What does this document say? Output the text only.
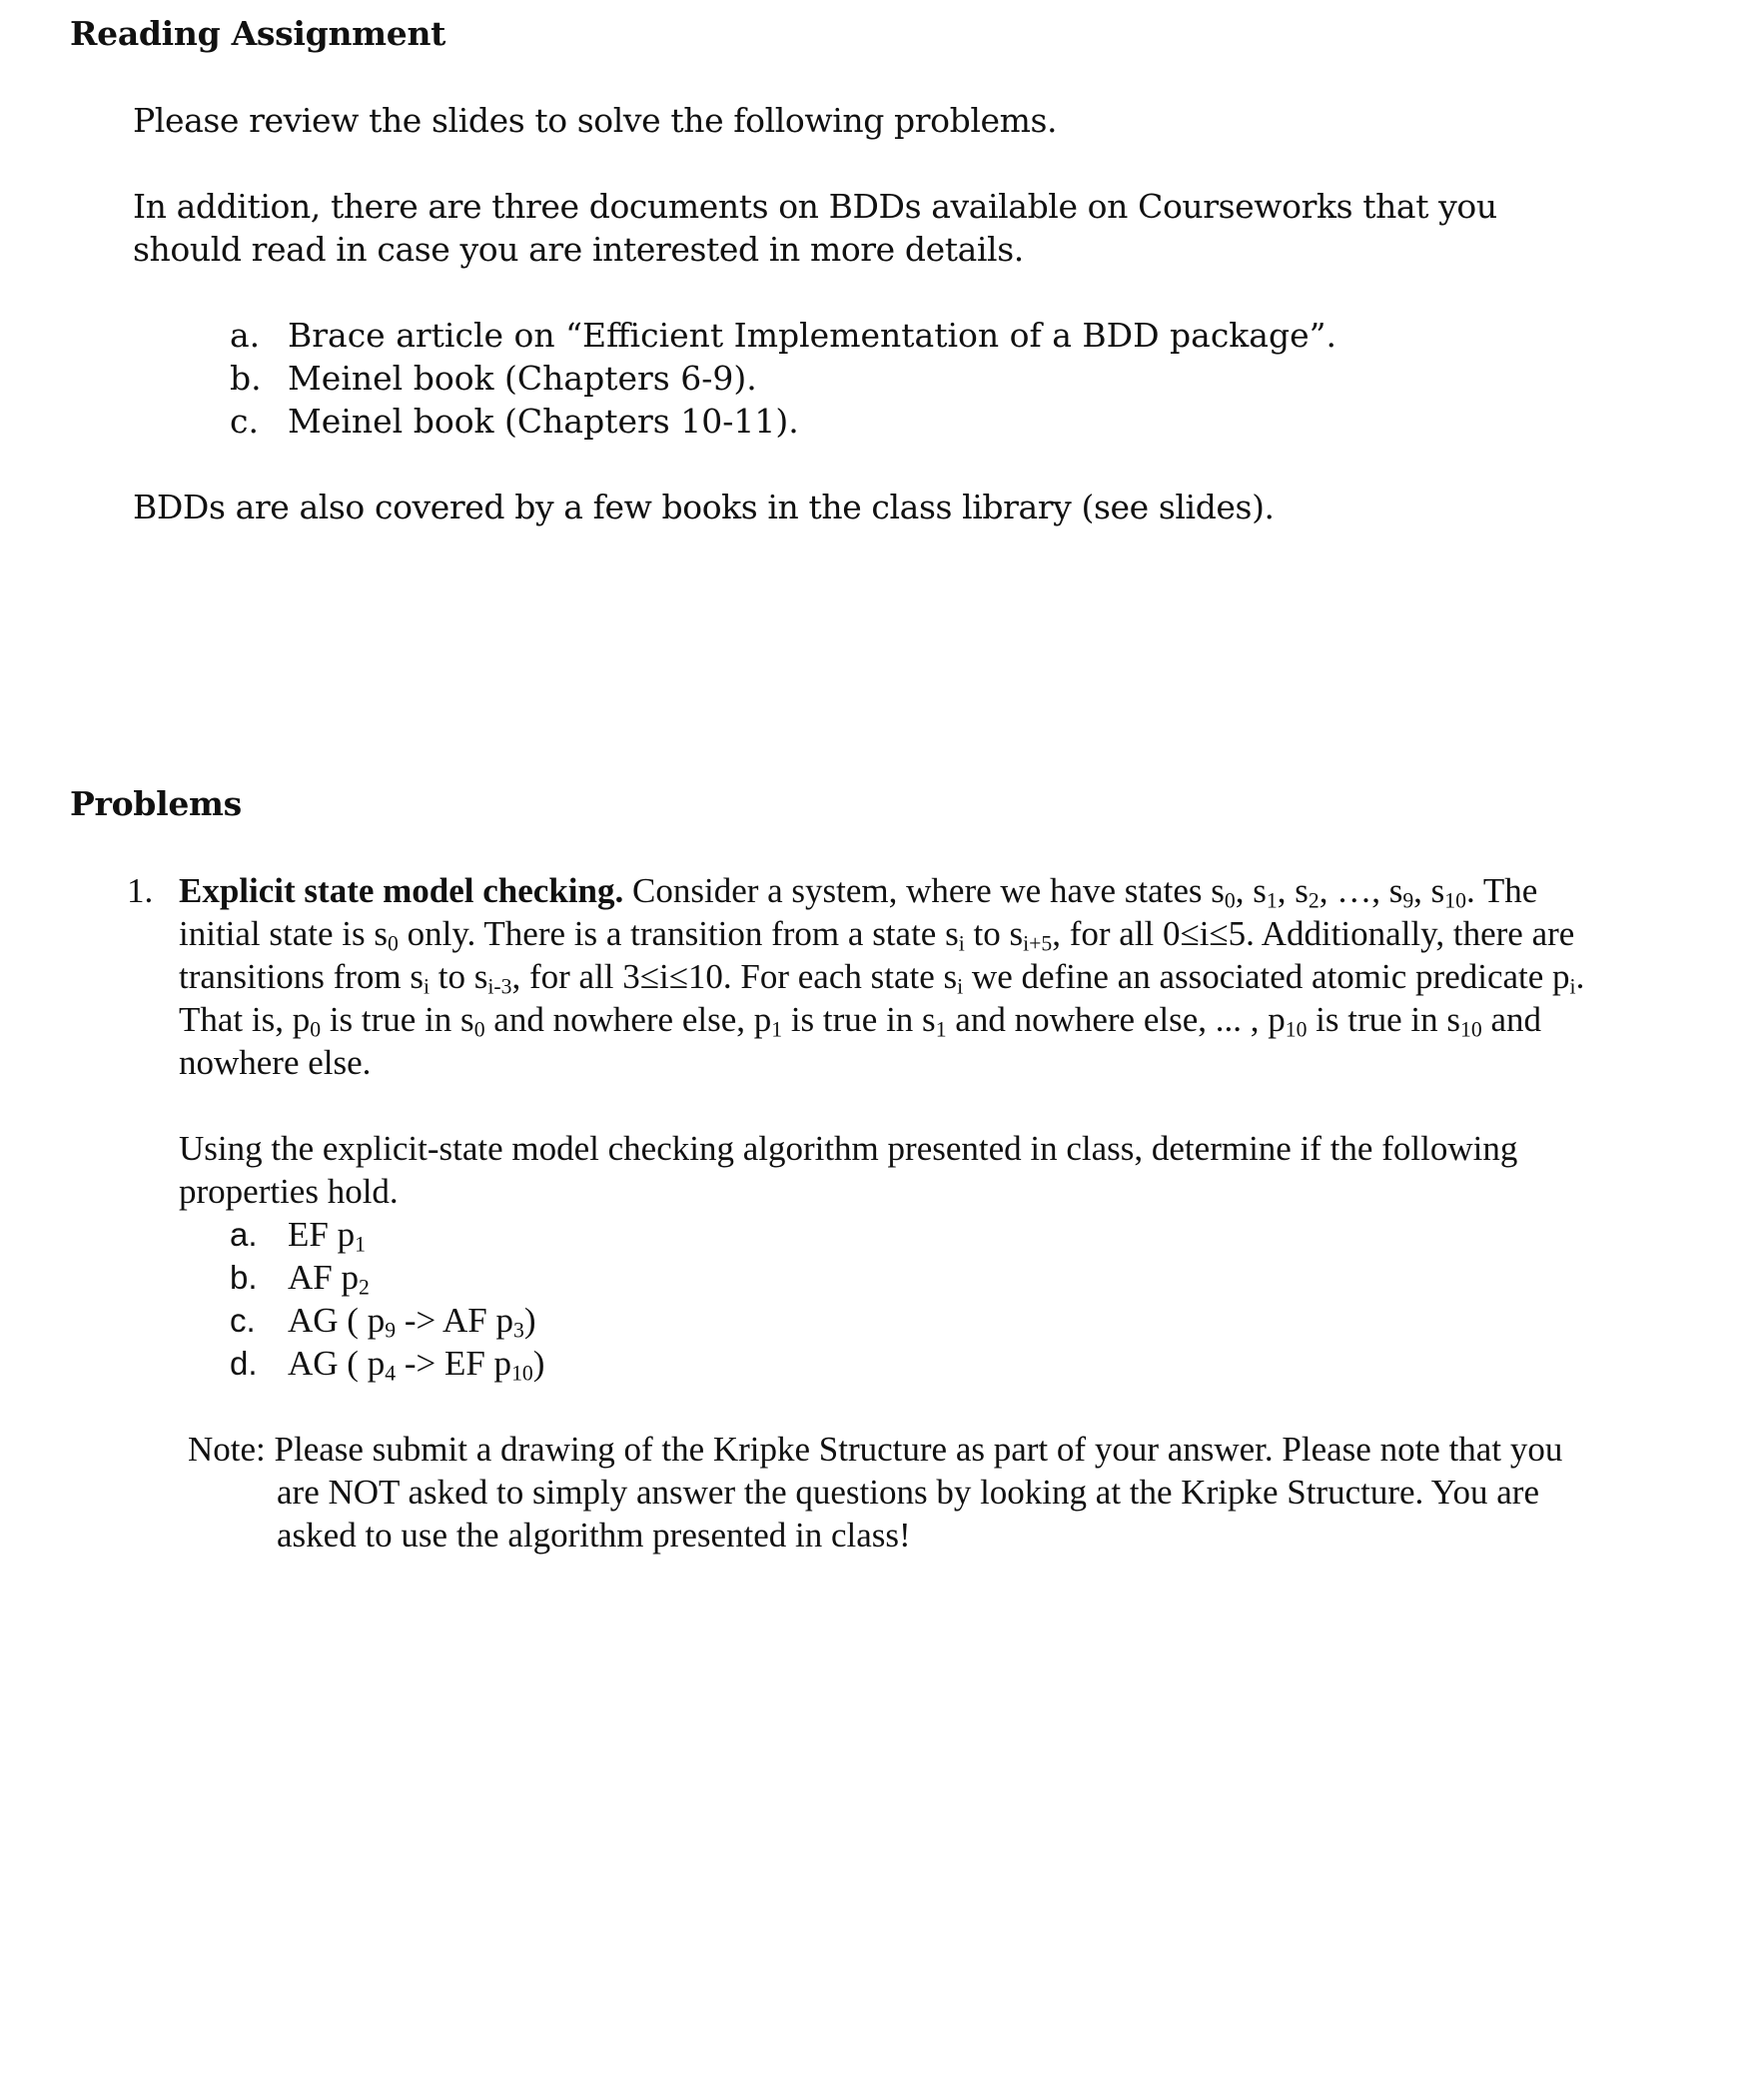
Reading Assignment

Please review the slides to solve the following problems.

In addition, there are three documents on BDDs available on Courseworks that you

should read in case you are interested in more details.

a. Brace article on “Efficient Implementation of a BDD package”.
b. Meinel book (Chapters 6-9).
c. Meinel book (Chapters 10-11).

BDDs are also covered by a few books in the class library (see slides).

Problems
1. Explicit state model checking. Consider a system, where we have states $s_0$, $s_1$, $s_2$, …, $s_9$, $s_{10}$. The
initial state is $s_0$ only. There is a transition from a state $s_i$ to $s_{i+5}$, for all 0≤i≤5. Additionally, there are
transitions from $s_i$ to $s_{i-3}$, for all 3≤i≤10. For each state $s_i$ we define an associated atomic predicate $p_i$.
That is, $p_0$ is true in $s_0$ and nowhere else, $p_1$ is true in $s_1$ and nowhere else, ... , $p_{10}$ is true in $s_{10}$ and
nowhere else.
Using the explicit-state model checking algorithm presented in class, determine if the following
properties hold.
a. EF $p_1$
b. AF $p_2$
c. AG ( $p_9$ -> AF $p_3$)
d. AG ( $p_4$ -> EF $p_{10}$)
Note: Please submit a drawing of the Kripke Structure as part of your answer. Please note that you
are NOT asked to simply answer the questions by looking at the Kripke Structure. You are
asked to use the algorithm presented in class!
